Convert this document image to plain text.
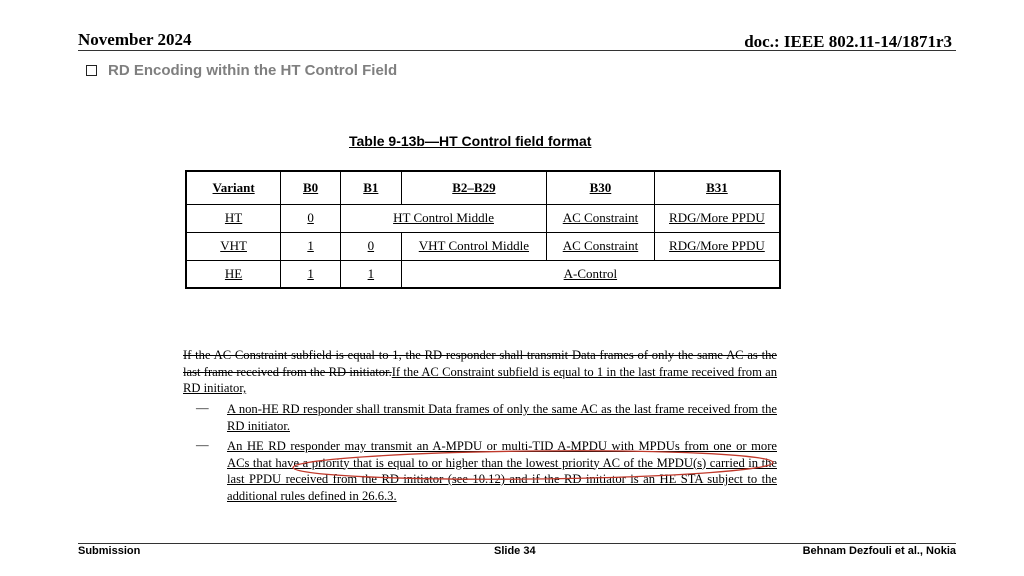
November 2024	doc.: IEEE 802.11-14/1871r3
RD Encoding within the HT Control Field
Table 9-13b—HT Control field format
Variant	B0	B1	B2–B29	B30	B31
HT	0	HT Control Middle		AC Constraint	RDG/More PPDU
VHT	1	0	VHT Control Middle	AC Constraint	RDG/More PPDU
HE	1	1	A-Control		
If the AC Constraint subfield is equal to 1, the RD responder shall transmit Data frames of only the same AC as the last frame received from the RD initiator.If the AC Constraint subfield is equal to 1 in the last frame received from an RD initiator,
— A non-HE RD responder shall transmit Data frames of only the same AC as the last frame received from the RD initiator.
— An HE RD responder may transmit an A-MPDU or multi-TID A-MPDU with MPDUs from one or more ACs that have a priority that is equal to or higher than the lowest priority AC of the MPDU(s) carried in the last PPDU received from the RD initiator (see 10.12) and if the RD initiator is an HE STA subject to the additional rules defined in 26.6.3.
Submission	Slide 34	Behnam Dezfouli et al., Nokia
